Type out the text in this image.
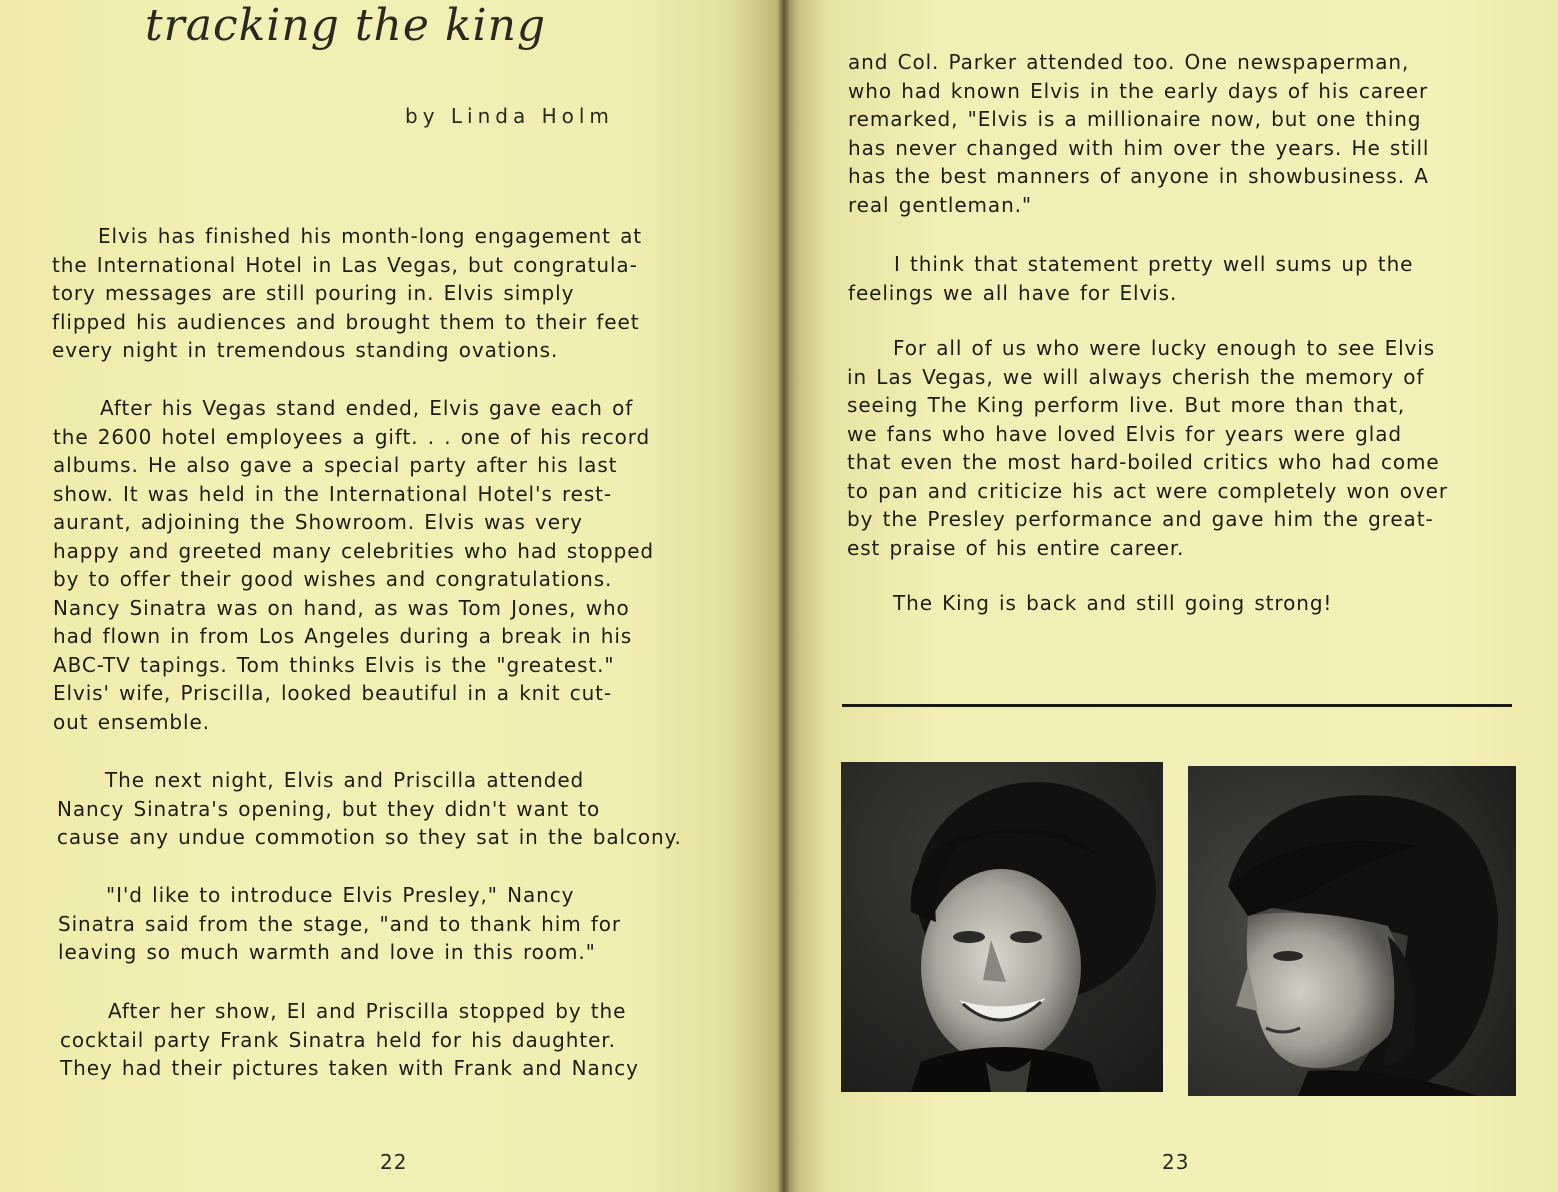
tracking the king
by Linda Holm
Elvis has finished his month-long engagement at
the International Hotel in Las Vegas, but congratula-
tory messages are still pouring in. Elvis simply
flipped his audiences and brought them to their feet
every night in tremendous standing ovations.
After his Vegas stand ended, Elvis gave each of
the 2600 hotel employees a gift. . . one of his record
albums. He also gave a special party after his last
show. It was held in the International Hotel's rest-
aurant, adjoining the Showroom. Elvis was very
happy and greeted many celebrities who had stopped
by to offer their good wishes and congratulations.
Nancy Sinatra was on hand, as was Tom Jones, who
had flown in from Los Angeles during a break in his
ABC-TV tapings. Tom thinks Elvis is the "greatest."
Elvis' wife, Priscilla, looked beautiful in a knit cut-
out ensemble.
The next night, Elvis and Priscilla attended
Nancy Sinatra's opening, but they didn't want to
cause any undue commotion so they sat in the balcony.
"I'd like to introduce Elvis Presley," Nancy
Sinatra said from the stage, "and to thank him for
leaving so much warmth and love in this room."
After her show, El and Priscilla stopped by the
cocktail party Frank Sinatra held for his daughter.
They had their pictures taken with Frank and Nancy
22
and Col. Parker attended too. One newspaperman,
who had known Elvis in the early days of his career
remarked, "Elvis is a millionaire now, but one thing
has never changed with him over the years. He still
has the best manners of anyone in showbusiness. A
real gentleman."
I think that statement pretty well sums up the
feelings we all have for Elvis.
For all of us who were lucky enough to see Elvis
in Las Vegas, we will always cherish the memory of
seeing The King perform live. But more than that,
we fans who have loved Elvis for years were glad
that even the most hard-boiled critics who had come
to pan and criticize his act were completely won over
by the Presley performance and gave him the great-
est praise of his entire career.
The King is back and still going strong!
23
